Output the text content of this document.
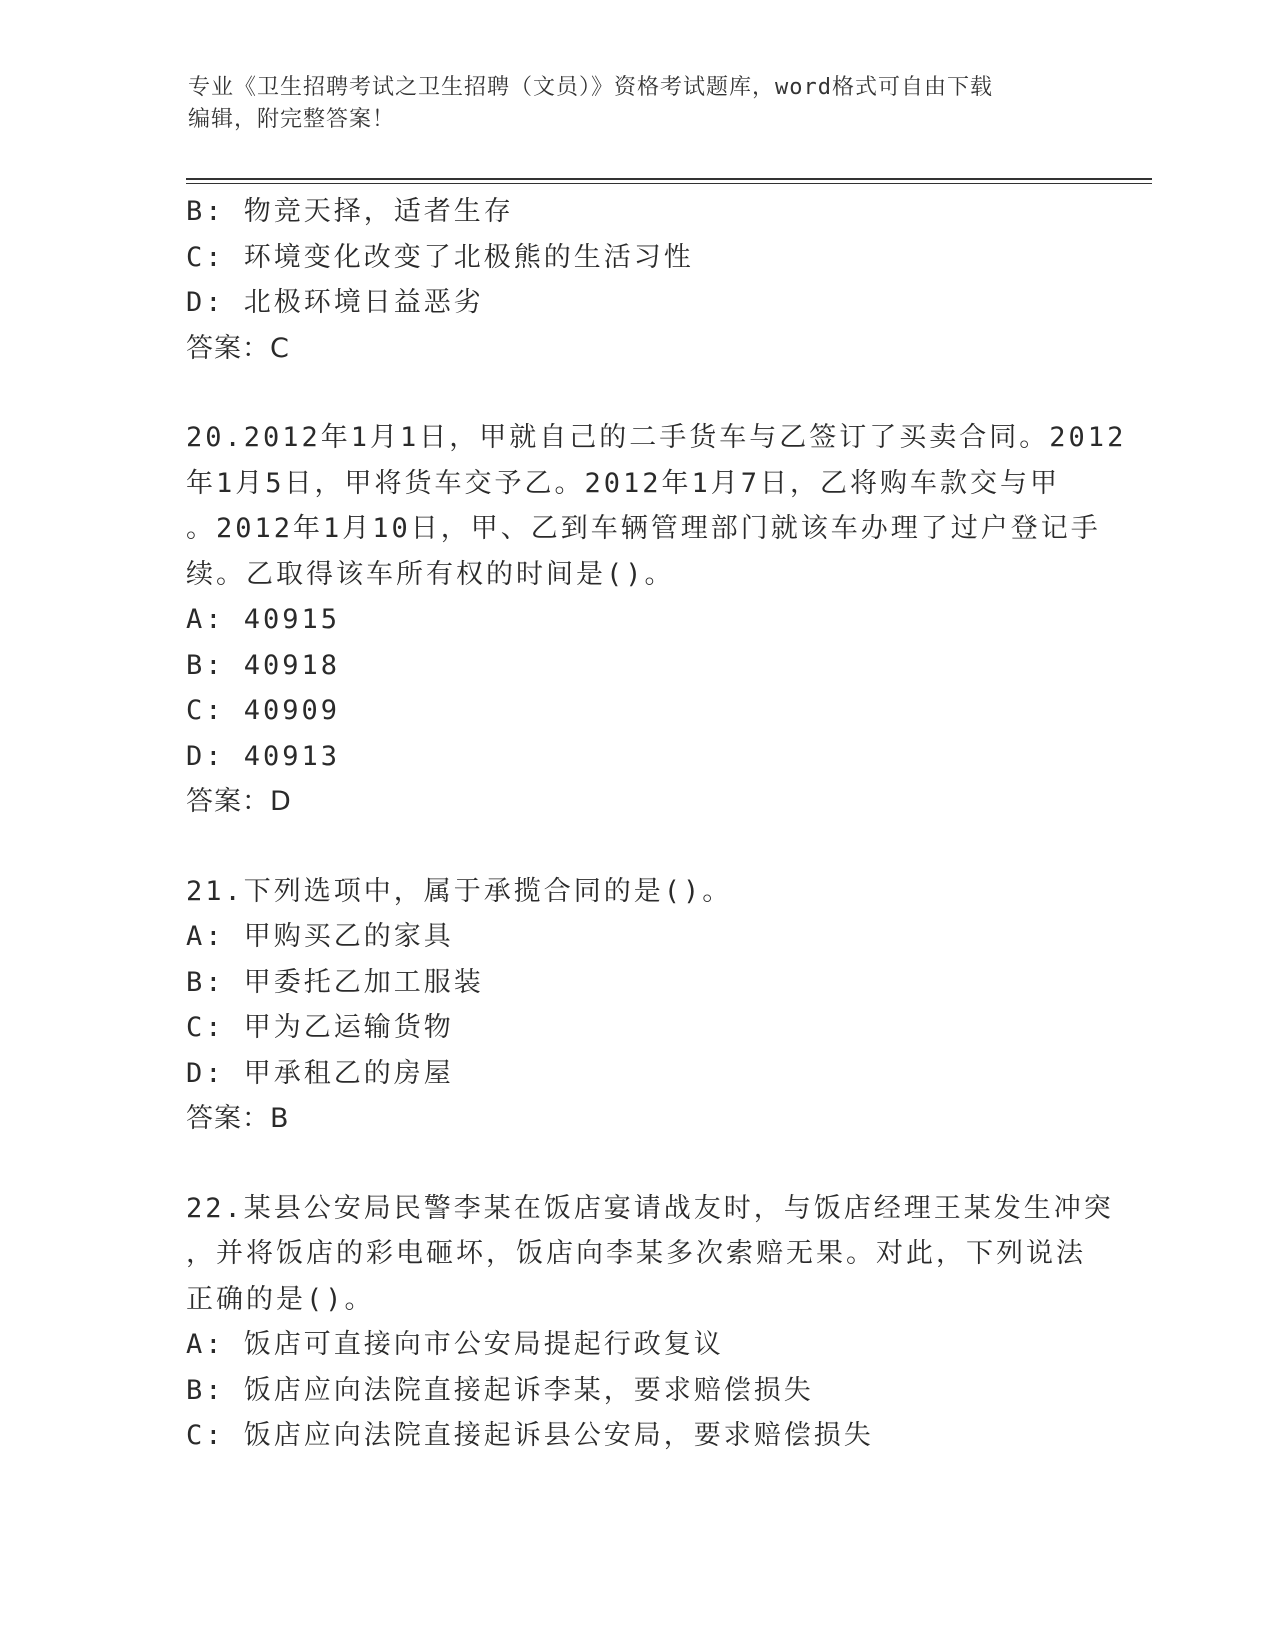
专业《卫生招聘考试之卫生招聘（文员）》资格考试题库，word格式可自由下载
编辑，附完整答案！
B: 物竞天择，适者生存
C: 环境变化改变了北极熊的生活习性
D: 北极环境日益恶劣
答案：C
20.2012年1月1日，甲就自己的二手货车与乙签订了买卖合同。2012
年1月5日，甲将货车交予乙。2012年1月7日，乙将购车款交与甲
。2012年1月10日，甲、乙到车辆管理部门就该车办理了过户登记手
续。乙取得该车所有权的时间是()。
A: 40915
B: 40918
C: 40909
D: 40913
答案：D
21.下列选项中，属于承揽合同的是()。
A: 甲购买乙的家具
B: 甲委托乙加工服装
C: 甲为乙运输货物
D: 甲承租乙的房屋
答案：B
22.某县公安局民警李某在饭店宴请战友时，与饭店经理王某发生冲突
，并将饭店的彩电砸坏，饭店向李某多次索赔无果。对此，下列说法
正确的是()。
A: 饭店可直接向市公安局提起行政复议
B: 饭店应向法院直接起诉李某，要求赔偿损失
C: 饭店应向法院直接起诉县公安局，要求赔偿损失
